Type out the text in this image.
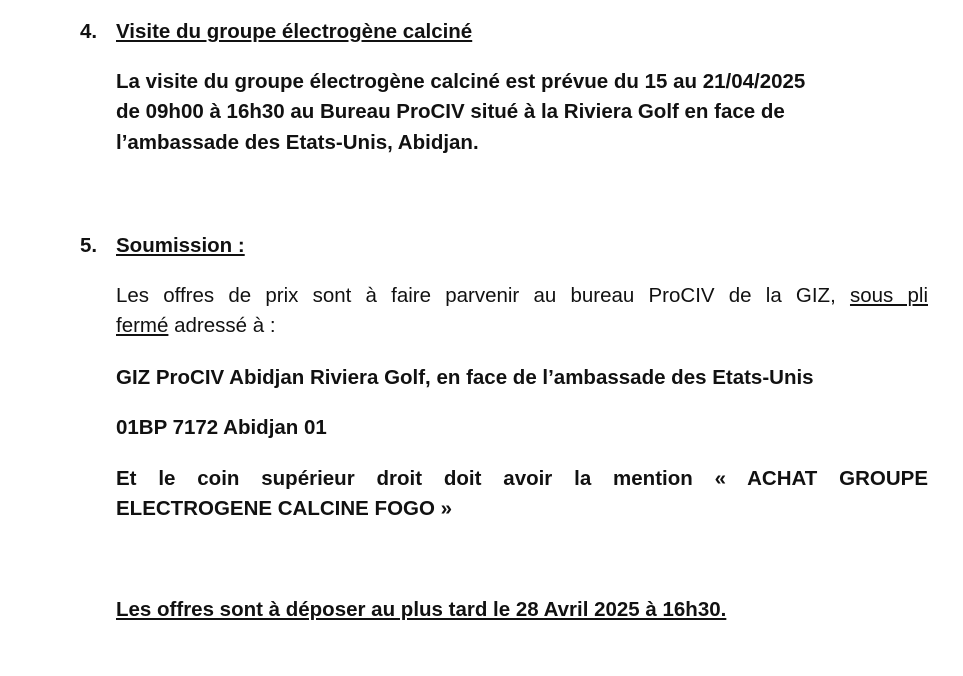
4. Visite du groupe électrogène calciné
La visite du groupe électrogène calciné est prévue du 15 au 21/04/2025
de 09h00 à 16h30 au Bureau ProCIV situé à la Riviera Golf en face de
l’ambassade des Etats-Unis, Abidjan.
5. Soumission :
Les offres de prix sont à faire parvenir au bureau ProCIV de la GIZ, sous pli
fermé adressé à :
GIZ ProCIV Abidjan Riviera Golf, en face de l’ambassade des Etats-Unis
01BP 7172 Abidjan 01
Et le coin supérieur droit doit avoir la mention « ACHAT GROUPE
ELECTROGENE CALCINE FOGO »
Les offres sont à déposer au plus tard le 28 Avril 2025 à 16h30.
